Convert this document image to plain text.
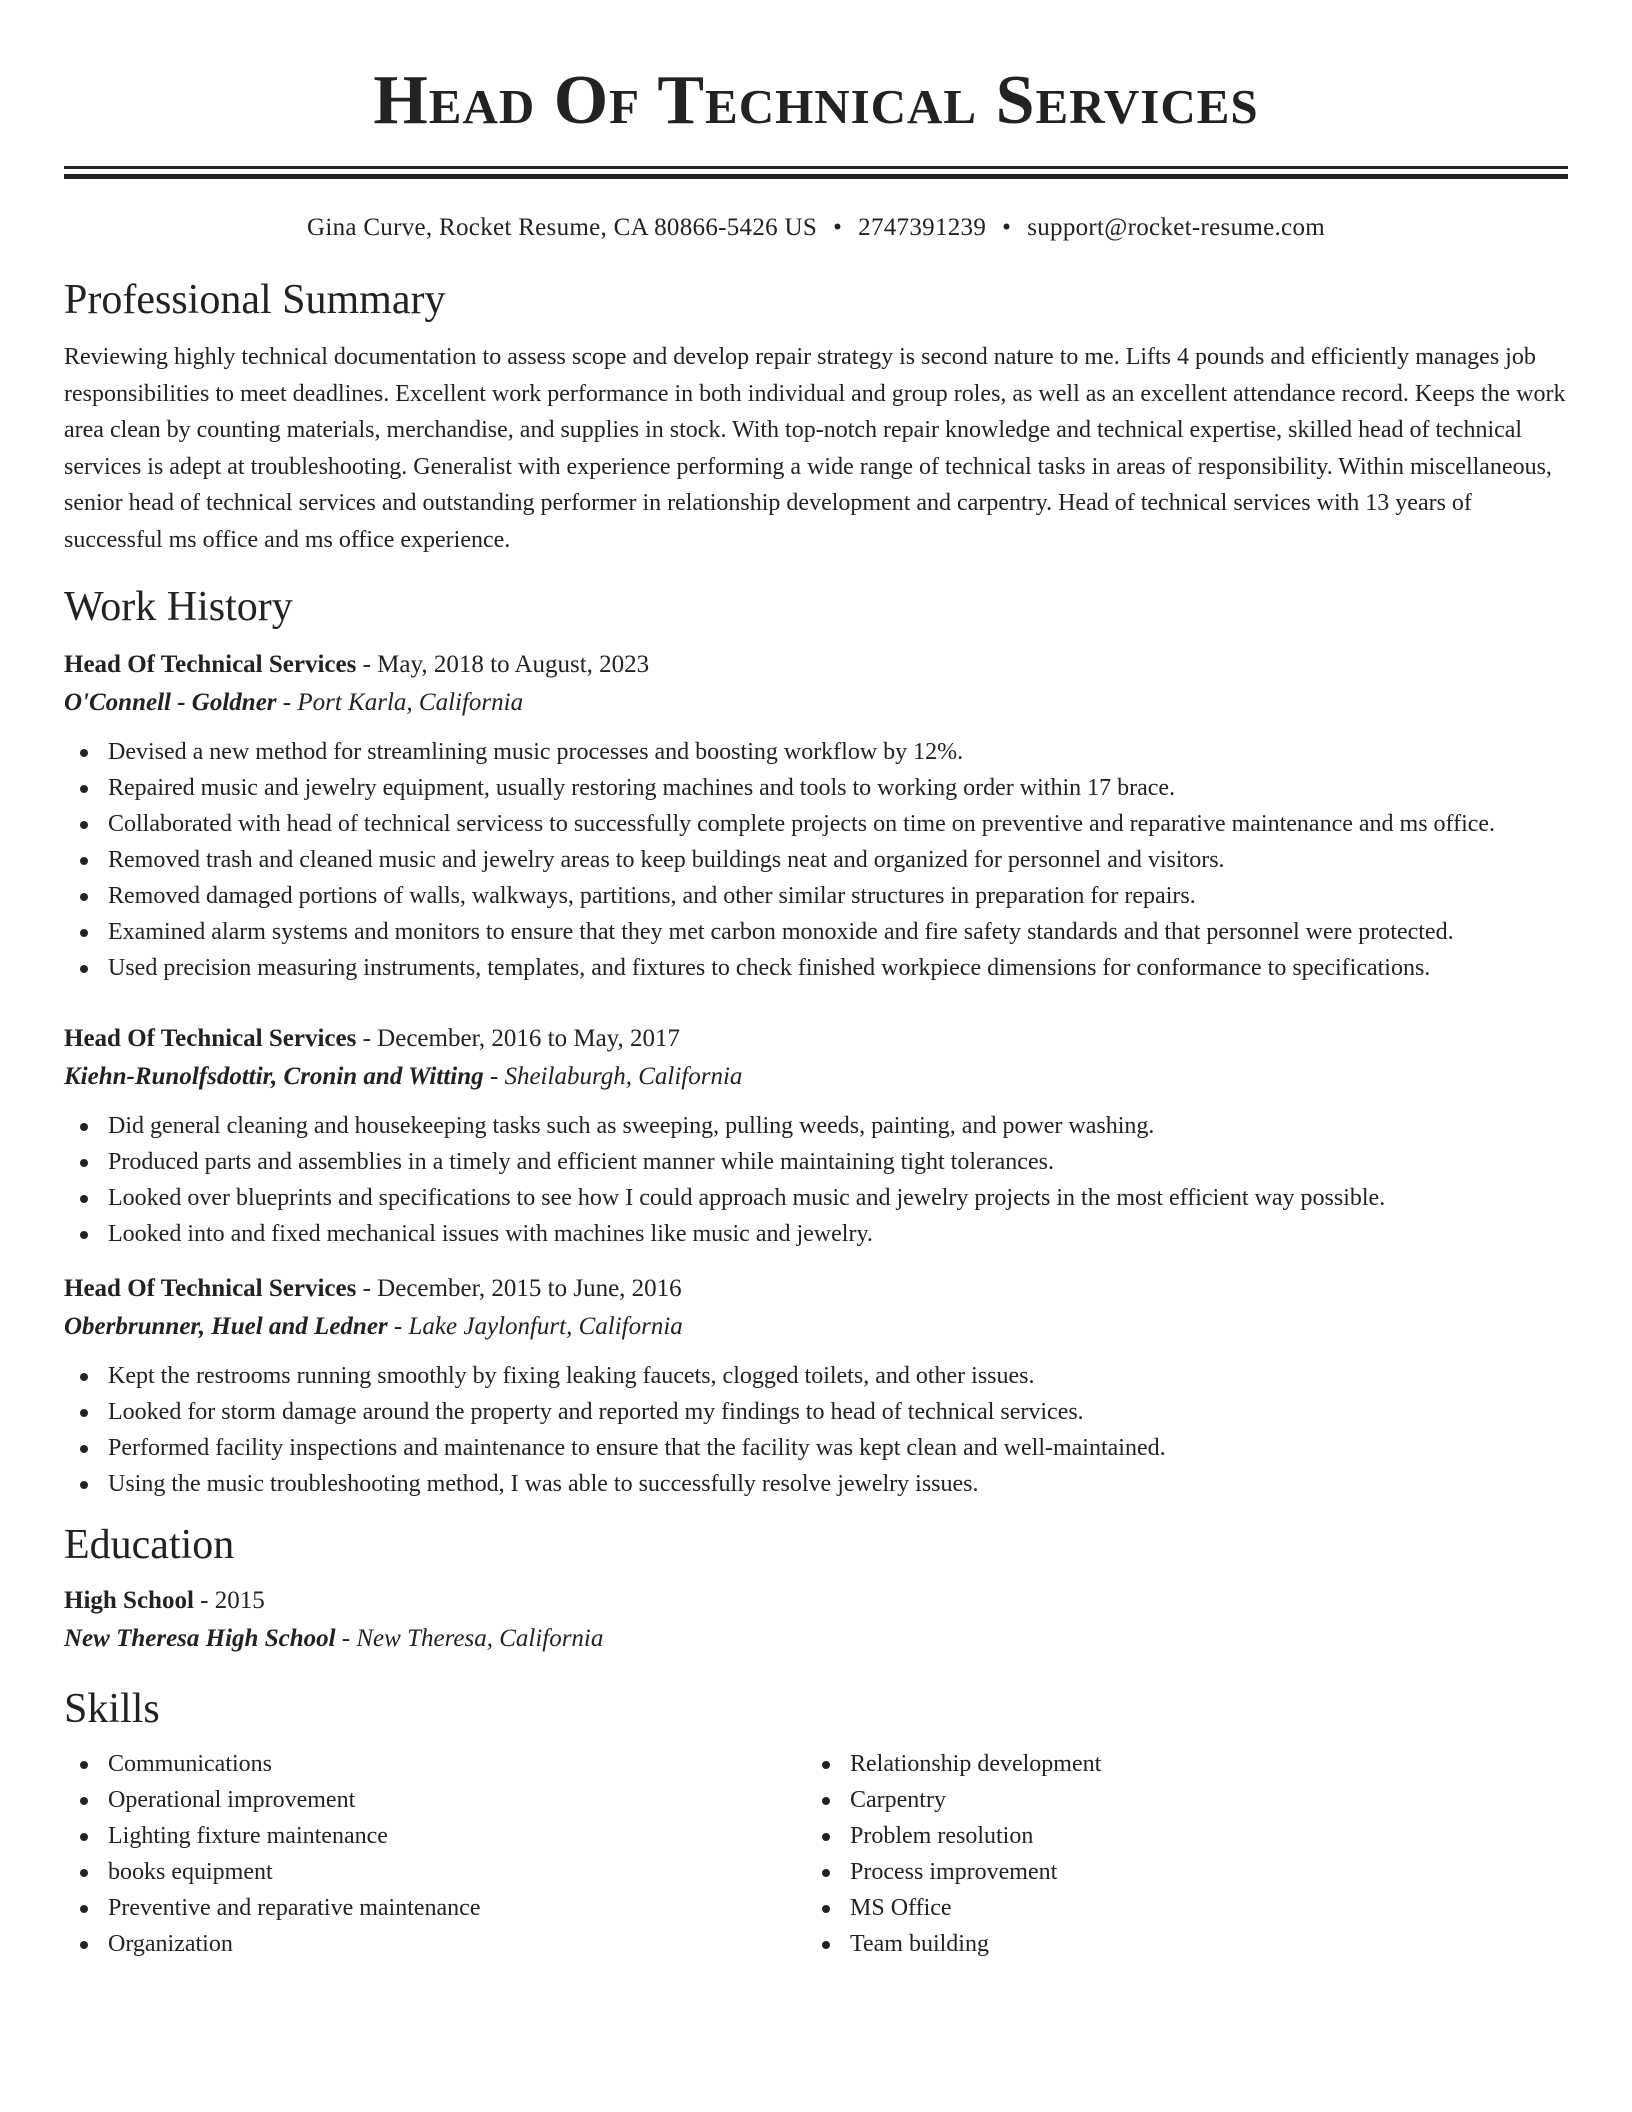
Head Of Technical Services
Gina Curve, Rocket Resume, CA 80866-5426 US • 2747391239 • support@rocket-resume.com
Professional Summary

Reviewing highly technical documentation to assess scope and develop repair strategy is second nature to me. Lifts 4 pounds and efficiently manages job responsibilities to meet deadlines. Excellent work performance in both individual and group roles, as well as an excellent attendance record. Keeps the work area clean by counting materials, merchandise, and supplies in stock. With top-notch repair knowledge and technical expertise, skilled head of technical services is adept at troubleshooting. Generalist with experience performing a wide range of technical tasks in areas of responsibility. Within miscellaneous, senior head of technical services and outstanding performer in relationship development and carpentry. Head of technical services with 13 years of successful ms office and ms office experience.

Work History
Head Of Technical Services - May, 2018 to August, 2023
O'Connell - Goldner - Port Karla, California
Devised a new method for streamlining music processes and boosting workflow by 12%.
Repaired music and jewelry equipment, usually restoring machines and tools to working order within 17 brace.
Collaborated with head of technical servicess to successfully complete projects on time on preventive and reparative maintenance and ms office.
Removed trash and cleaned music and jewelry areas to keep buildings neat and organized for personnel and visitors.
Removed damaged portions of walls, walkways, partitions, and other similar structures in preparation for repairs.
Examined alarm systems and monitors to ensure that they met carbon monoxide and fire safety standards and that personnel were protected.
Used precision measuring instruments, templates, and fixtures to check finished workpiece dimensions for conformance to specifications.
Head Of Technical Services - December, 2016 to May, 2017
Kiehn-Runolfsdottir, Cronin and Witting - Sheilaburgh, California
Did general cleaning and housekeeping tasks such as sweeping, pulling weeds, painting, and power washing.
Produced parts and assemblies in a timely and efficient manner while maintaining tight tolerances.
Looked over blueprints and specifications to see how I could approach music and jewelry projects in the most efficient way possible.
Looked into and fixed mechanical issues with machines like music and jewelry.
Head Of Technical Services - December, 2015 to June, 2016
Oberbrunner, Huel and Ledner - Lake Jaylonfurt, California
Kept the restrooms running smoothly by fixing leaking faucets, clogged toilets, and other issues.
Looked for storm damage around the property and reported my findings to head of technical services.
Performed facility inspections and maintenance to ensure that the facility was kept clean and well-maintained.
Using the music troubleshooting method, I was able to successfully resolve jewelry issues.
Education
High School - 2015
New Theresa High School - New Theresa, California
Skills
Communications
Operational improvement
Lighting fixture maintenance
books equipment
Preventive and reparative maintenance
Organization
Relationship development
Carpentry
Problem resolution
Process improvement
MS Office
Team building
